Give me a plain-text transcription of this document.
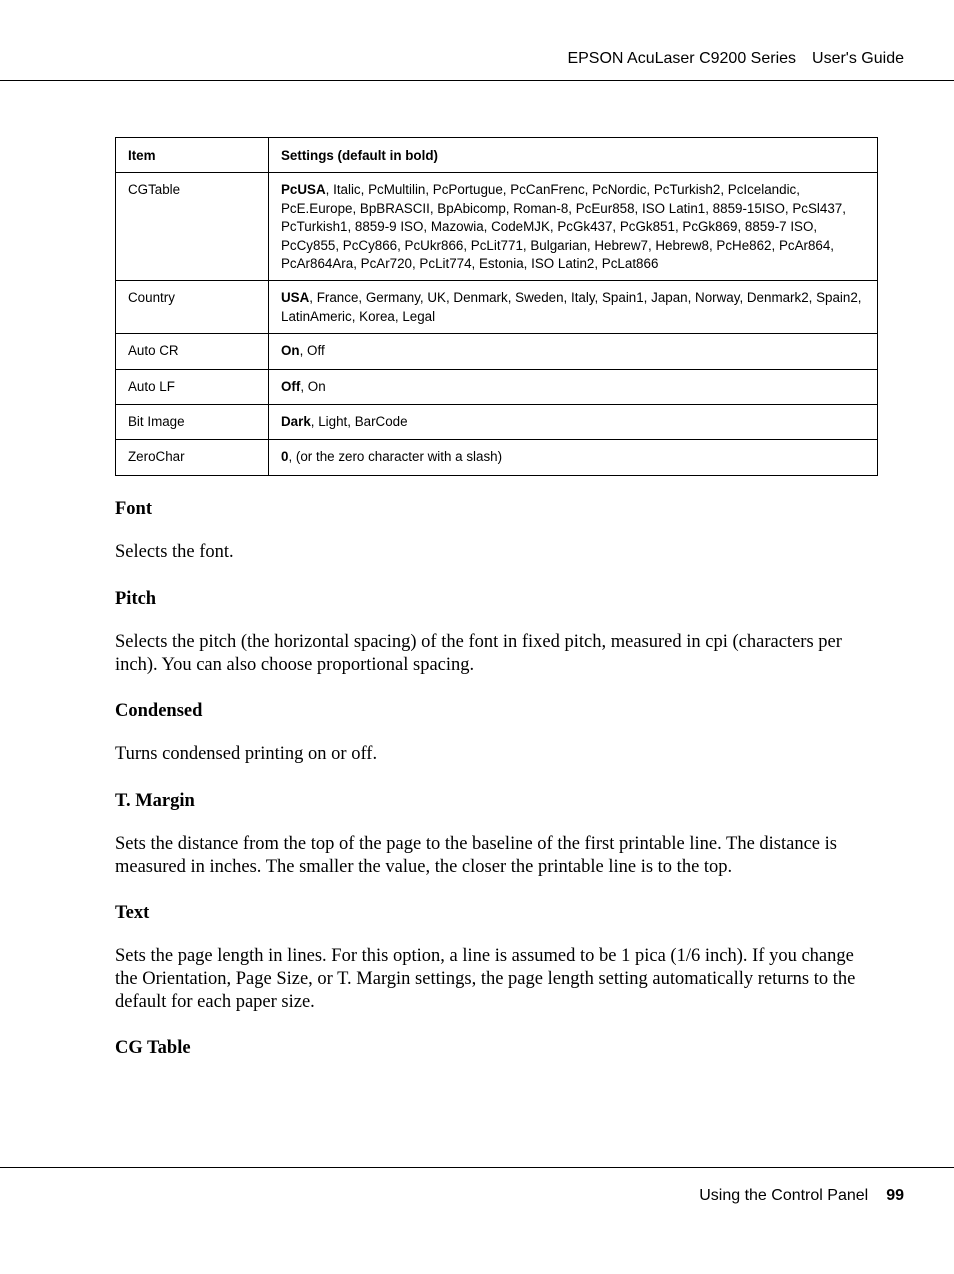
EPSON AcuLaser C9200 Series User's Guide
Item	Settings (default in bold)
CGTable	PcUSA, Italic, PcMultilin, PcPortugue, PcCanFrenc, PcNordic, PcTurkish2, PcIcelandic, PcE.Europe, BpBRASCII, BpAbicomp, Roman-8, PcEur858, ISO Latin1, 8859-15ISO, PcSl437, PcTurkish1, 8859-9 ISO, Mazowia, CodeMJK, PcGk437, PcGk851, PcGk869, 8859-7 ISO, PcCy855, PcCy866, PcUkr866, PcLit771, Bulgarian, Hebrew7, Hebrew8, PcHe862, PcAr864, PcAr864Ara, PcAr720, PcLit774, Estonia, ISO Latin2, PcLat866
Country	USA, France, Germany, UK, Denmark, Sweden, Italy, Spain1, Japan, Norway, Denmark2, Spain2, LatinAmeric, Korea, Legal
Auto CR	On, Off
Auto LF	Off, On
Bit Image	Dark, Light, BarCode
ZeroChar	0, (or the zero character with a slash)
Font

Selects the font.

Pitch

Selects the pitch (the horizontal spacing) of the font in fixed pitch, measured in cpi (characters per inch). You can also choose proportional spacing.

Condensed

Turns condensed printing on or off.

T. Margin

Sets the distance from the top of the page to the baseline of the first printable line. The distance is measured in inches. The smaller the value, the closer the printable line is to the top.

Text

Sets the page length in lines. For this option, a line is assumed to be 1 pica (1/6 inch). If you change the Orientation, Page Size, or T. Margin settings, the page length setting automatically returns to the default for each paper size.

CG Table
Using the Control Panel 99
